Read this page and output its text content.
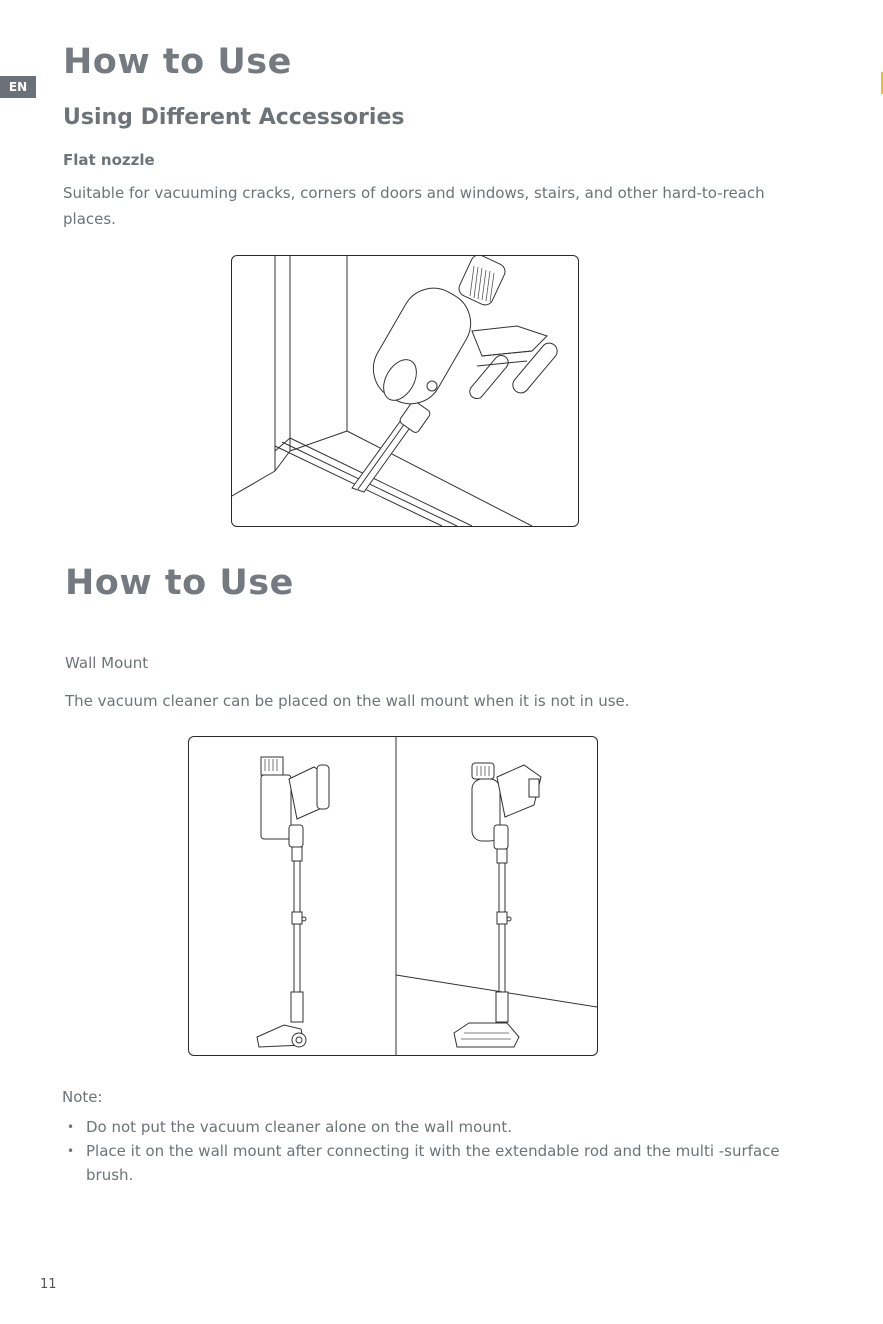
EN
How to Use
Using Different Accessories
Flat nozzle
Suitable for vacuuming cracks, corners of doors and windows, stairs, and other hard-to-reach places.
How to Use
Wall Mount
The vacuum cleaner can be placed on the wall mount when it is not in use.
Note:
• Do not put the vacuum cleaner alone on the wall mount.
• Place it on the wall mount after connecting it with the extendable rod and the multi -surface brush.
11
